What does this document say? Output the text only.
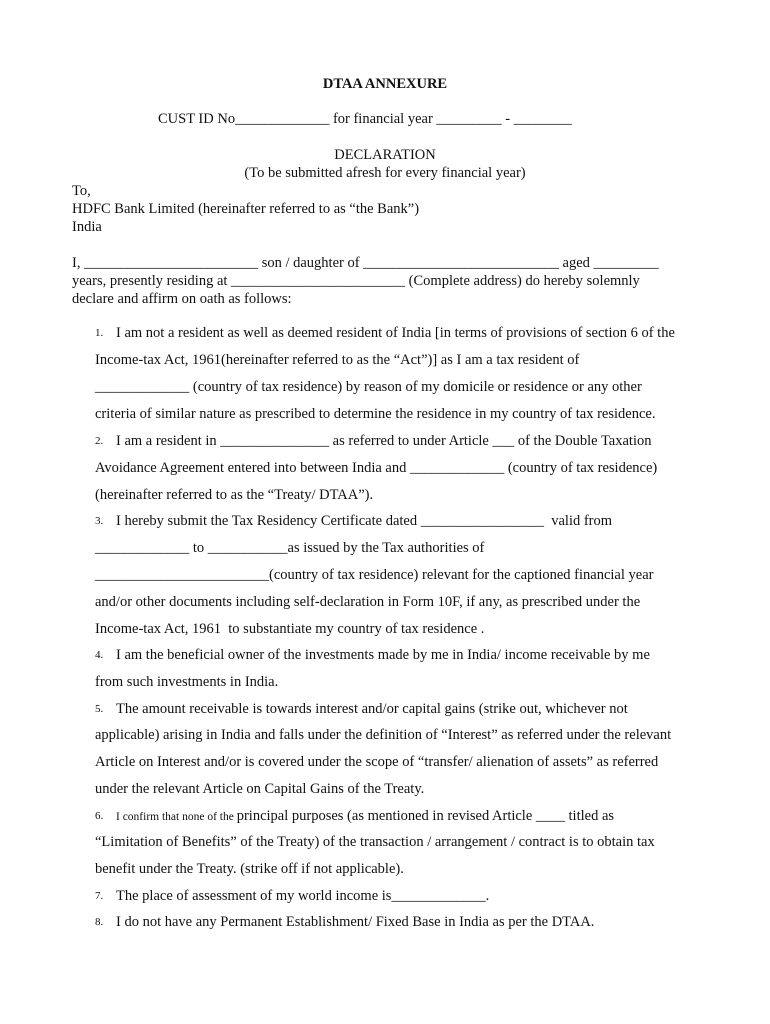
DTAA ANNEXURE

CUST ID No_____________ for financial year _________ - ________

DECLARATION

(To be submitted afresh for every financial year)

To,

HDFC Bank Limited (hereinafter referred to as “the Bank”)

India

I, ________________________ son / daughter of ___________________________ aged _________

years, presently residing at ________________________ (Complete address) do hereby solemnly

declare and affirm on oath as follows:

1. I am not a resident as well as deemed resident of India [in terms of provisions of section 6 of the

Income-tax Act, 1961(hereinafter referred to as the “Act”)] as I am a tax resident of

_____________ (country of tax residence) by reason of my domicile or residence or any other

criteria of similar nature as prescribed to determine the residence in my country of tax residence.

2. I am a resident in _______________ as referred to under Article ___ of the Double Taxation

Avoidance Agreement entered into between India and _____________ (country of tax residence)

(hereinafter referred to as the “Treaty/ DTAA”).

3. I hereby submit the Tax Residency Certificate dated _________________  valid from

_____________ to ___________as issued by the Tax authorities of

________________________(country of tax residence) relevant for the captioned financial year

and/or other documents including self-declaration in Form 10F, if any, as prescribed under the

Income-tax Act, 1961  to substantiate my country of tax residence .

4. I am the beneficial owner of the investments made by me in India/ income receivable by me

from such investments in India.

5. The amount receivable is towards interest and/or capital gains (strike out, whichever not

applicable) arising in India and falls under the definition of “Interest” as referred under the relevant

Article on Interest and/or is covered under the scope of “transfer/ alienation of assets” as referred

under the relevant Article on Capital Gains of the Treaty.

6. I confirm that none of the principal purposes (as mentioned in revised Article ____ titled as

“Limitation of Benefits” of the Treaty) of the transaction / arrangement / contract is to obtain tax

benefit under the Treaty. (strike off if not applicable).

7. The place of assessment of my world income is_____________.

8. I do not have any Permanent Establishment/ Fixed Base in India as per the DTAA.
